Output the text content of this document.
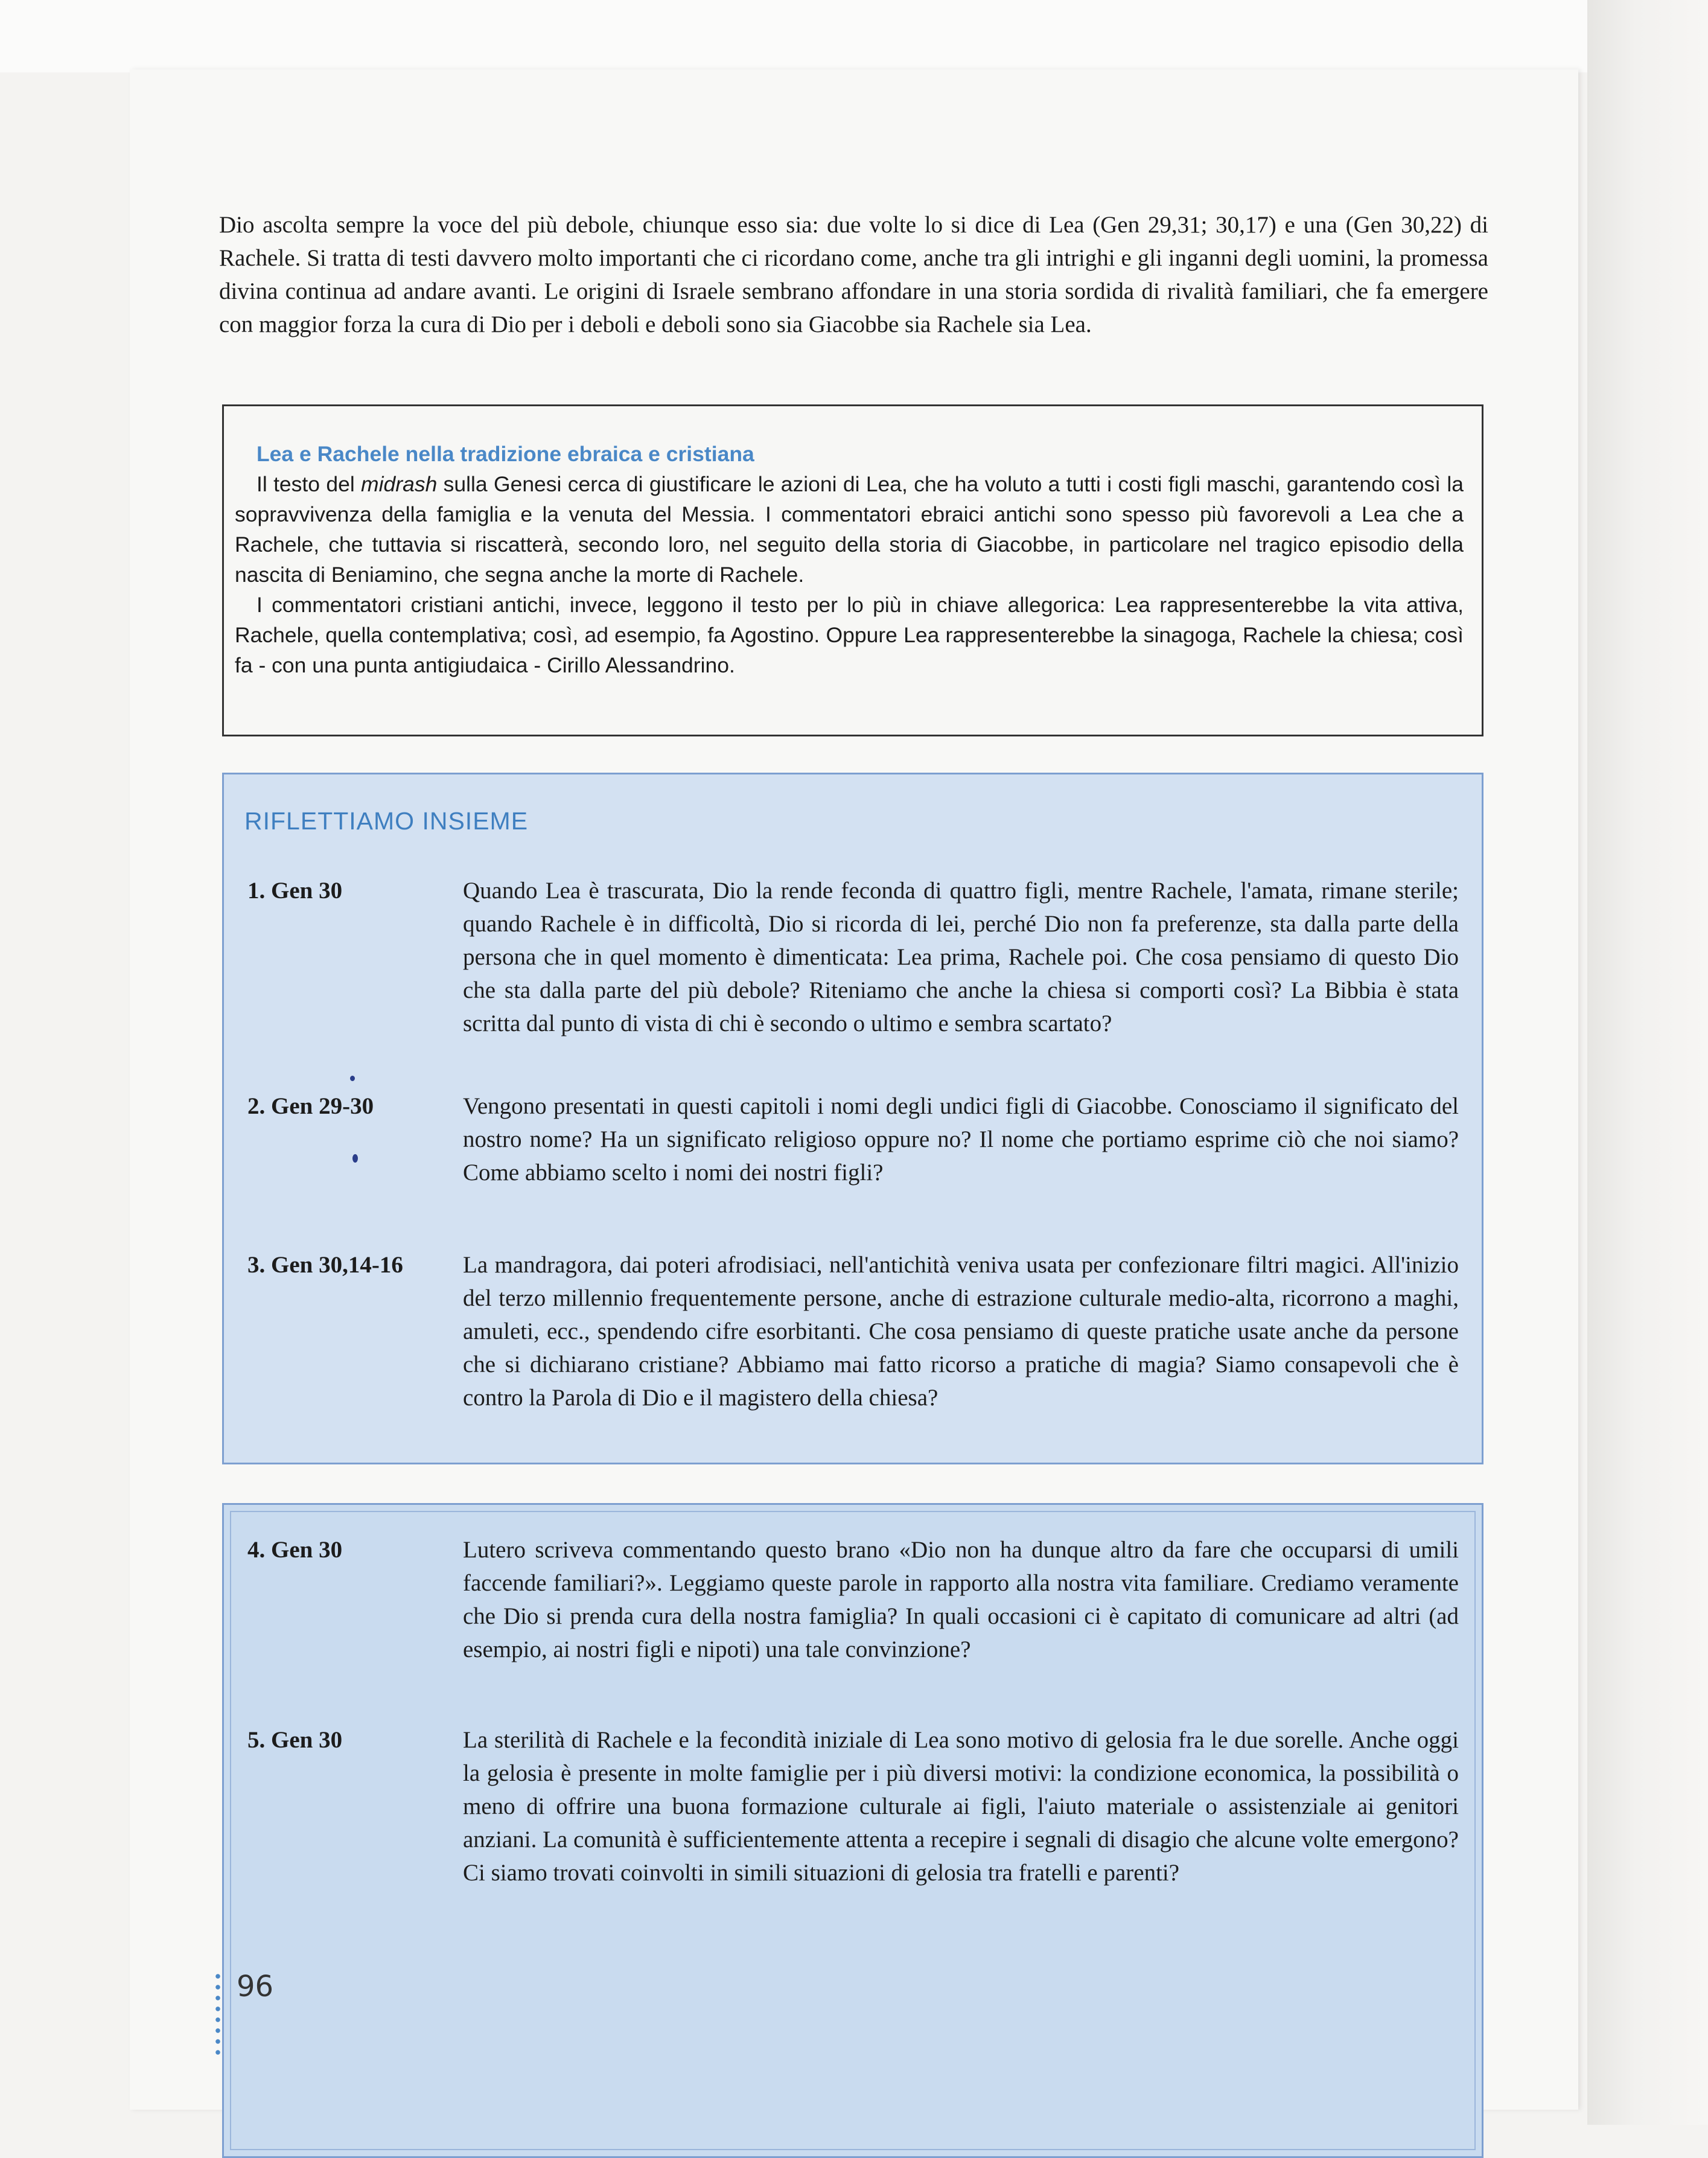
Dio ascolta sempre la voce del più debole, chiunque esso sia: due volte lo si dice di Lea (Gen 29,31; 30,17) e una (Gen 30,22) di Rachele. Si tratta di testi davvero molto importanti che ci ricordano come, anche tra gli intrighi e gli inganni degli uomini, la promessa divina continua ad andare avanti. Le origini di Israele sembrano affondare in una storia sordida di rivalità familiari, che fa emergere con maggior forza la cura di Dio per i deboli e deboli sono sia Giacobbe sia Rachele sia Lea.

Lea e Rachele nella tradizione ebraica e cristiana

Il testo del midrash sulla Genesi cerca di giustificare le azioni di Lea, che ha voluto a tutti i costi figli maschi, garantendo così la sopravvivenza della famiglia e la venuta del Messia. I commentatori ebraici antichi sono spesso più favorevoli a Lea che a Rachele, che tuttavia si riscatterà, secondo loro, nel seguito della storia di Giacobbe, in particolare nel tragico episodio della nascita di Beniamino, che segna anche la morte di Rachele.

I commentatori cristiani antichi, invece, leggono il testo per lo più in chiave allegorica: Lea rappresenterebbe la vita attiva, Rachele, quella contemplativa; così, ad esempio, fa Agostino. Oppure Lea rappresenterebbe la sinagoga, Rachele la chiesa; così fa - con una punta antigiudaica - Cirillo Alessandrino.

RIFLETTIAMO INSIEME

1. Gen 30	Quando Lea è trascurata, Dio la rende feconda di quattro figli, mentre Rachele, l'amata, rimane sterile; quando Rachele è in difficoltà, Dio si ricorda di lei, perché Dio non fa preferenze, sta dalla parte della persona che in quel momento è dimenticata: Lea prima, Rachele poi. Che cosa pensiamo di questo Dio che sta dalla parte del più debole? Riteniamo che anche la chiesa si comporti così? La Bibbia è stata scritta dal punto di vista di chi è secondo o ultimo e sembra scartato?

2. Gen 29-30	Vengono presentati in questi capitoli i nomi degli undici figli di Giacobbe. Conosciamo il significato del nostro nome? Ha un significato religioso oppure no? Il nome che portiamo esprime ciò che noi siamo? Come abbiamo scelto i nomi dei nostri figli?

3. Gen 30,14-16	La mandragora, dai poteri afrodisiaci, nell'antichità veniva usata per confezionare filtri magici. All'inizio del terzo millennio frequentemente persone, anche di estrazione culturale medio-alta, ricorrono a maghi, amuleti, ecc., spendendo cifre esorbitanti. Che cosa pensiamo di queste pratiche usate anche da persone che si dichiarano cristiane? Abbiamo mai fatto ricorso a pratiche di magia? Siamo consapevoli che è contro la Parola di Dio e il magistero della chiesa?

4. Gen 30	Lutero scriveva commentando questo brano «Dio non ha dunque altro da fare che occuparsi di umili faccende familiari?». Leggiamo queste parole in rapporto alla nostra vita familiare. Crediamo veramente che Dio si prenda cura della nostra famiglia? In quali occasioni ci è capitato di comunicare ad altri (ad esempio, ai nostri figli e nipoti) una tale convinzione?

5. Gen 30	La sterilità di Rachele e la fecondità iniziale di Lea sono motivo di gelosia fra le due sorelle. Anche oggi la gelosia è presente in molte famiglie per i più diversi motivi: la condizione economica, la possibilità o meno di offrire una buona formazione culturale ai figli, l'aiuto materiale o assistenziale ai genitori anziani. La comunità è sufficientemente attenta a recepire i segnali di disagio che alcune volte emergono? Ci siamo trovati coinvolti in simili situazioni di gelosia tra fratelli e parenti?

96
